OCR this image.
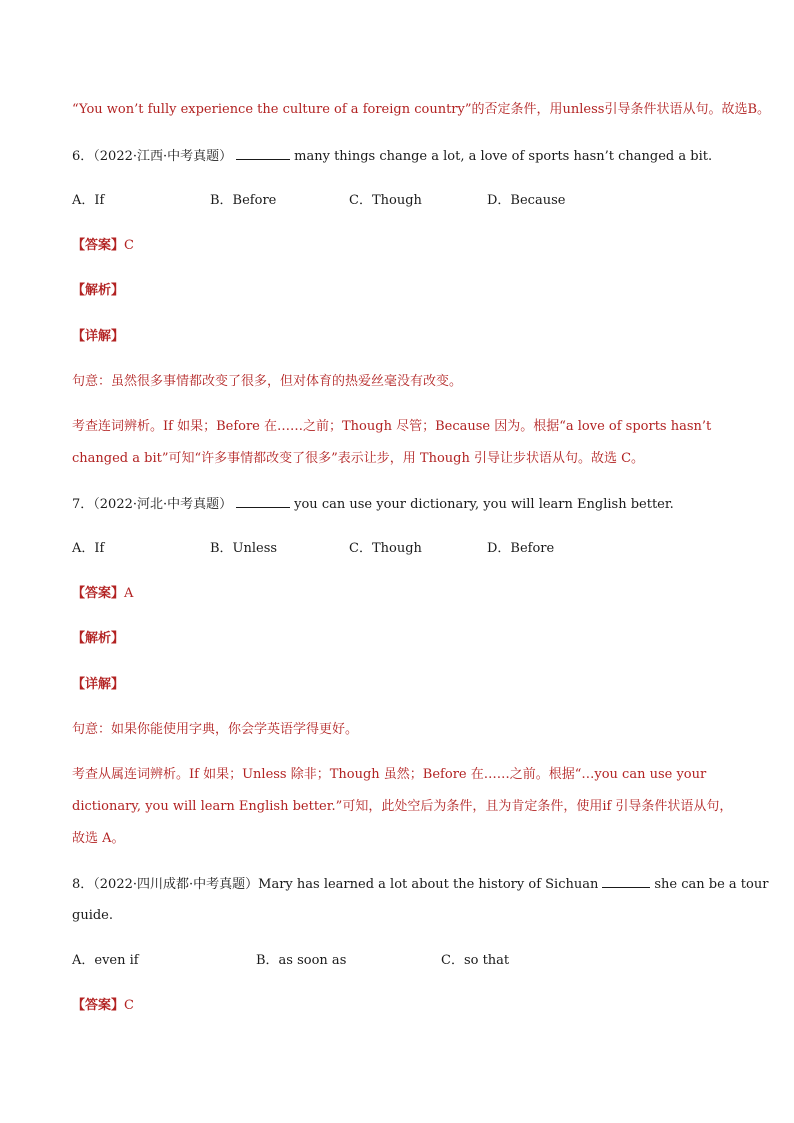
“You won’t fully experience the culture of a foreign country”的否定条件，用unless引导条件状语从句。故选B。
6．（2022·江西·中考真题）	many things change a lot, a love of sports hasn’t changed a bit.
A．If	B．Before	C．Though	D．Because
【答案】C
【解析】
【详解】
句意：虽然很多事情都改变了很多，但对体育的热爱丝毫没有改变。
考查连词辨析。If 如果；Before 在……之前；Though 尽管；Because 因为。根据“a love of sports hasn’t
changed a bit”可知“许多事情都改变了很多”表示让步，用 Though 引导让步状语从句。故选 C。
7．（2022·河北·中考真题）	you can use your dictionary, you will learn English better.
A．If	B．Unless	C．Though	D．Before
【答案】A
【解析】
【详解】
句意：如果你能使用字典，你会学英语学得更好。
考查从属连词辨析。If 如果；Unless 除非；Though 虽然；Before 在……之前。根据“…you can use your
dictionary, you will learn English better.”可知，此处空后为条件，且为肯定条件，使用if 引导条件状语从句，
故选 A。
8．（2022·四川成都·中考真题）Mary has learned a lot about the history of Sichuan	she can be a tour
guide.
A．even if	B．as soon as	C．so that
【答案】C
